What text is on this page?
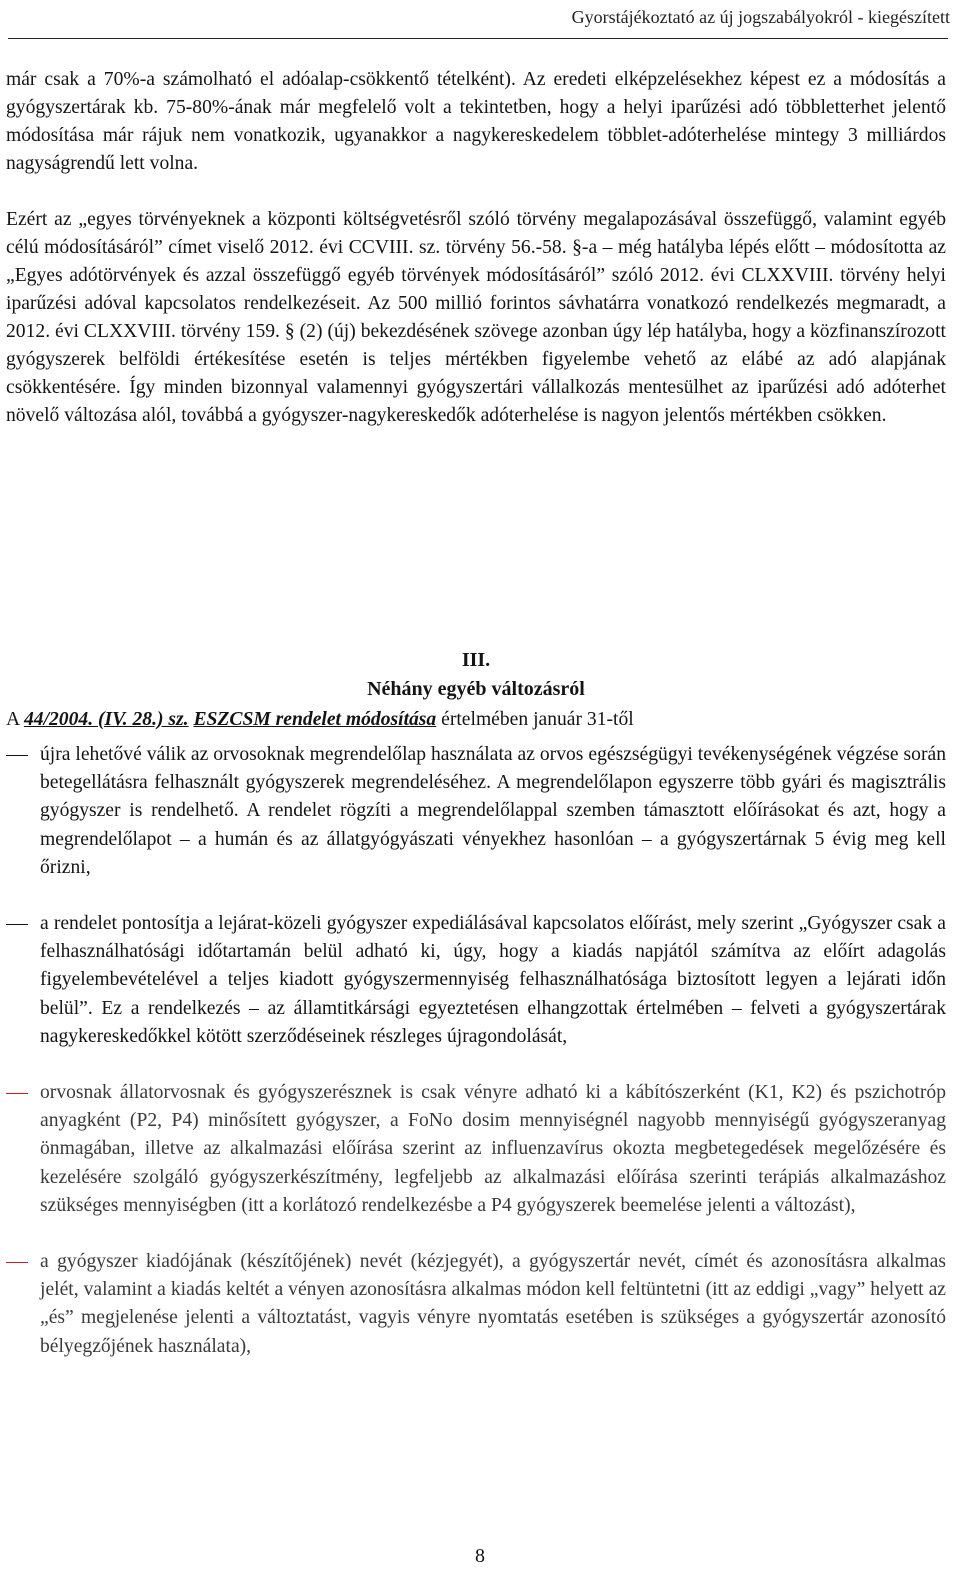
Gyorstájékoztató az új jogszabályokról - kiegészített

már csak a 70%-a számolható el adóalap-csökkentő tételként). Az eredeti elképzelésekhez képest ez a módosítás a gyógyszertárak kb. 75-80%-ának már megfelelő volt a tekintetben, hogy a helyi iparűzési adó többletterhet jelentő módosítása már rájuk nem vonatkozik, ugyanakkor a nagykereskedelem többlet-adóterhelése mintegy 3 milliárdos nagyságrendű lett volna.

Ezért az „egyes törvényeknek a központi költségvetésről szóló törvény megalapozásával összefüggő, valamint egyéb célú módosításáról” címet viselő 2012. évi CCVIII. sz. törvény 56.-58. §-a – még hatályba lépés előtt – módosította az „Egyes adótörvények és azzal összefüggő egyéb törvények módosításáról” szóló 2012. évi CLXXVIII. törvény helyi iparűzési adóval kapcsolatos rendelkezéseit. Az 500 millió forintos sávhatárra vonatkozó rendelkezés megmaradt, a 2012. évi CLXXVIII. törvény 159. § (2) (új) bekezdésének szövege azonban úgy lép hatályba, hogy a közfinanszírozott gyógyszerek belföldi értékesítése esetén is teljes mértékben figyelembe vehető az elábé az adó alapjának csökkentésére. Így minden bizonnyal valamennyi gyógyszertári vállalkozás mentesülhet az iparűzési adó adóterhet növelő változása alól, továbbá a gyógyszer-nagykereskedők adóterhelése is nagyon jelentős mértékben csökken.

III.
Néhány egyéb változásról
A 44/2004. (IV. 28.) sz. ESZCSM rendelet módosítása értelmében január 31-től
újra lehetővé válik az orvosoknak megrendelőlap használata az orvos egészségügyi tevékenységének végzése során betegellátásra felhasznált gyógyszerek megrendeléséhez. A megrendelőlapon egyszerre több gyári és magisztrális gyógyszer is rendelhető. A rendelet rögzíti a megrendelőlappal szemben támasztott előírásokat és azt, hogy a megrendelőlapot – a humán és az állatgyógyászati vényekhez hasonlóan – a gyógyszertárnak 5 évig meg kell őrizni,
a rendelet pontosítja a lejárat-közeli gyógyszer expediálásával kapcsolatos előírást, mely szerint „Gyógyszer csak a felhasználhatósági időtartamán belül adható ki, úgy, hogy a kiadás napjától számítva az előírt adagolás figyelembevételével a teljes kiadott gyógyszermennyiség felhasználhatósága biztosított legyen a lejárati időn belül”. Ez a rendelkezés – az államtitkársági egyeztetésen elhangzottak értelmében – felveti a gyógyszertárak nagykereskedőkkel kötött szerződéseinek részleges újragondolását,
orvosnak állatorvosnak és gyógyszerésznek is csak vényre adható ki a kábítószerként (K1, K2) és pszichotróp anyagként (P2, P4) minősített gyógyszer, a FoNo dosim mennyiségnél nagyobb mennyiségű gyógyszeranyag önmagában, illetve az alkalmazási előírása szerint az influenzavírus okozta megbetegedések megelőzésére és kezelésére szolgáló gyógyszerkészítmény, legfeljebb az alkalmazási előírása szerinti terápiás alkalmazáshoz szükséges mennyiségben (itt a korlátozó rendelkezésbe a P4 gyógyszerek beemelése jelenti a változást),
a gyógyszer kiadójának (készítőjének) nevét (kézjegyét), a gyógyszertár nevét, címét és azonosításra alkalmas jelét, valamint a kiadás keltét a vényen azonosításra alkalmas módon kell feltüntetni (itt az eddigi „vagy” helyett az „és” megjelenése jelenti a változtatást, vagyis vényre nyomtatás esetében is szükséges a gyógyszertár azonosító bélyegzőjének használata),
8
